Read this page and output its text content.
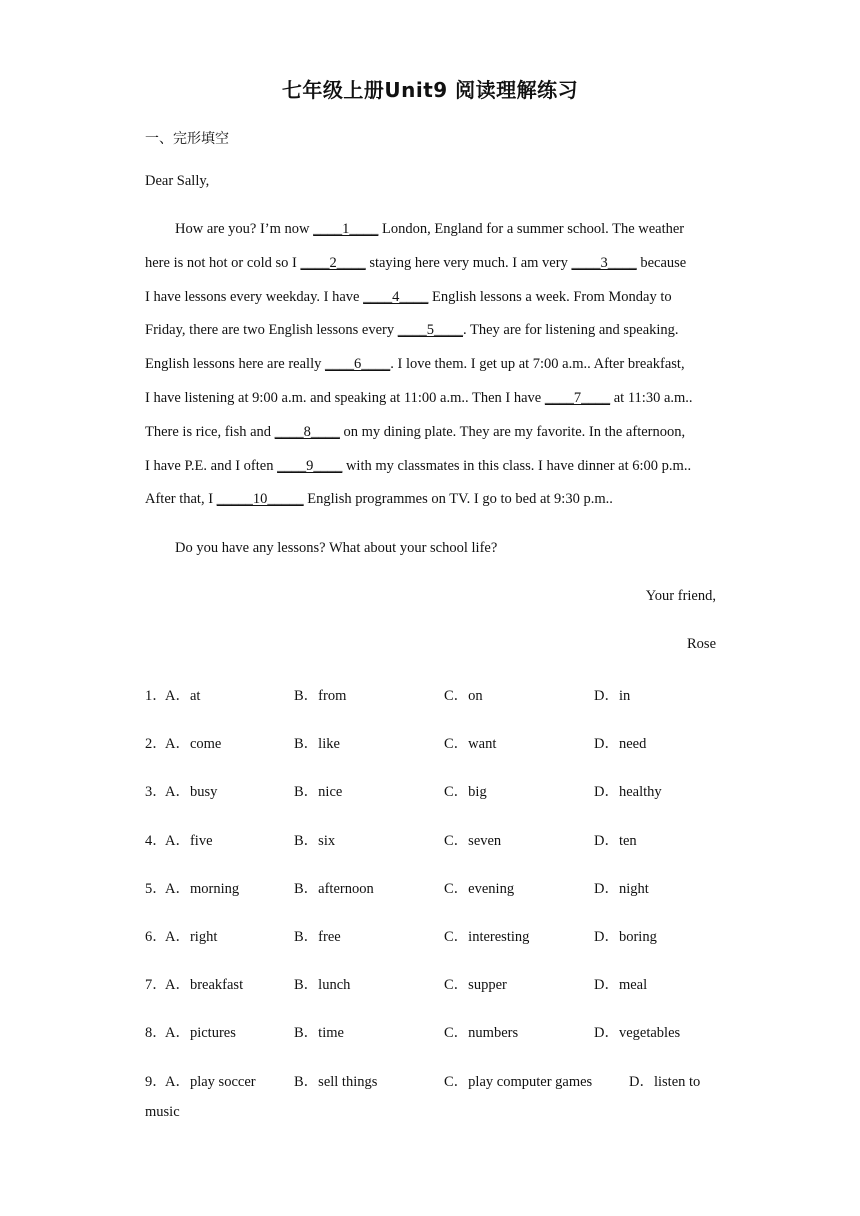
七年级上册Unit9 阅读理解练习
一、完形填空
Dear Sally,
How are you? I’m now ____1____ London, England for a summer school. The weather
here is not hot or cold so I ____2____ staying here very much. I am very ____3____ because
I have lessons every weekday. I have ____4____ English lessons a week. From Monday to
Friday, there are two English lessons every ____5____. They are for listening and speaking.
English lessons here are really ____6____. I love them. I get up at 7:00 a.m.. After breakfast,
I have listening at 9:00 a.m. and speaking at 11:00 a.m.. Then I have ____7____ at 11:30 a.m..
There is rice, fish and ____8____ on my dining plate. They are my favorite. In the afternoon,
I have P.E. and I often ____9____ with my classmates in this class. I have dinner at 6:00 p.m..
After that, I _____10_____ English programmes on TV. I go to bed at 9:30 p.m..
Do you have any lessons? What about your school life?
Your friend,
Rose
1．
A．at	B．from	C．on	D．in
2．
A．come	B．like	C．want	D．need
3．
A．busy	B．nice	C．big	D．healthy
4．
A．five	B．six	C．seven	D．ten
5．
A．morning	B．afternoon	C．evening	D．night
6．
A．right	B．free	C．interesting	D．boring
7．
A．breakfast	B．lunch	C．supper	D．meal
8．
A．pictures	B．time	C．numbers	D．vegetables
9．
A．play soccer	B．sell things	C．play computer games	D．listen to
music
